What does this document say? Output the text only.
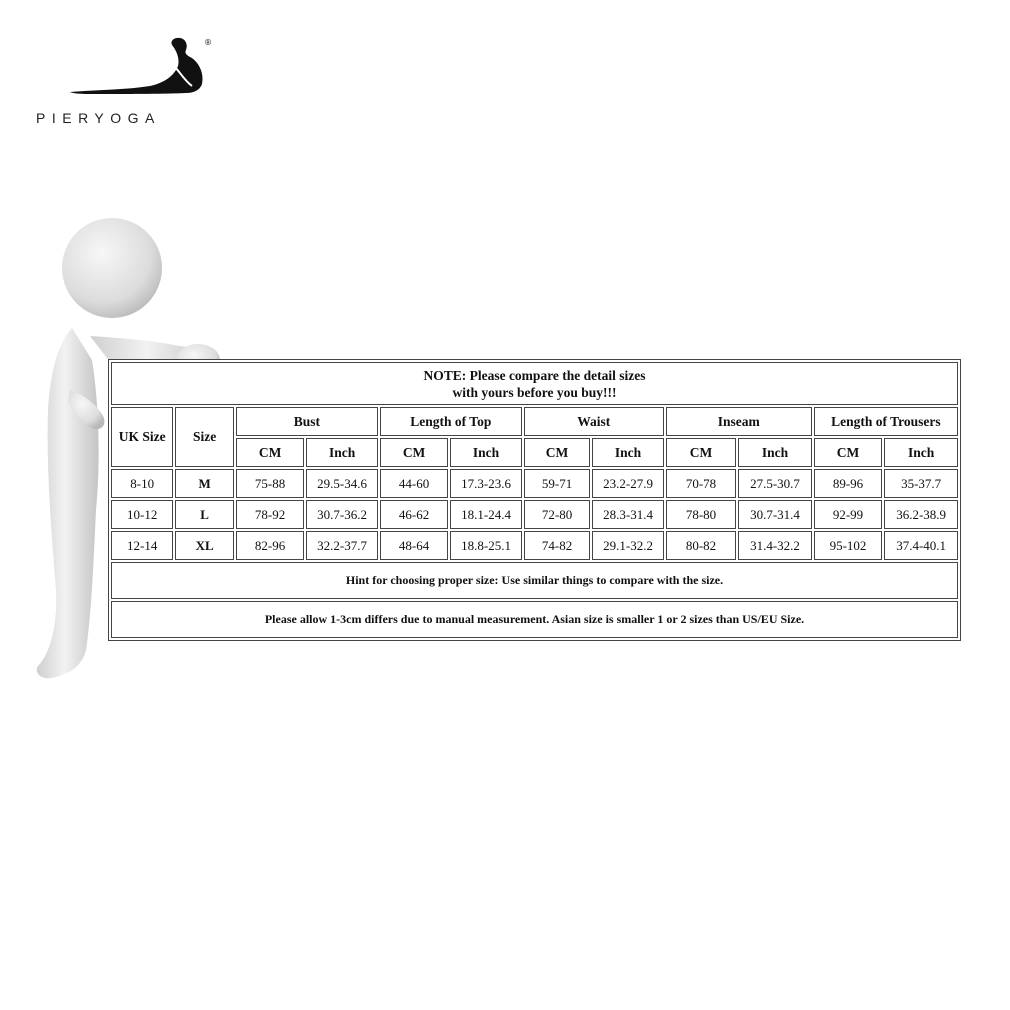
®
PIERYOGA
NOTE: Please compare the detail sizes
with yours before you buy!!!											

UK Size	Size	Bust		Length of Top		Waist		Inseam		Length of Trousers	
		CM	Inch	CM	Inch	CM	Inch	CM	Inch	CM	Inch
8-10	M	75-88	29.5-34.6	44-60	17.3-23.6	59-71	23.2-27.9	70-78	27.5-30.7	89-96	35-37.7
10-12	L	78-92	30.7-36.2	46-62	18.1-24.4	72-80	28.3-31.4	78-80	30.7-31.4	92-99	36.2-38.9
12-14	XL	82-96	32.2-37.7	48-64	18.8-25.1	74-82	29.1-32.2	80-82	31.4-32.2	95-102	37.4-40.1
Hint for choosing proper size: Use similar things to compare with the size.											
Please allow 1-3cm differs due to manual measurement. Asian size is smaller 1 or 2 sizes than US/EU Size.											
